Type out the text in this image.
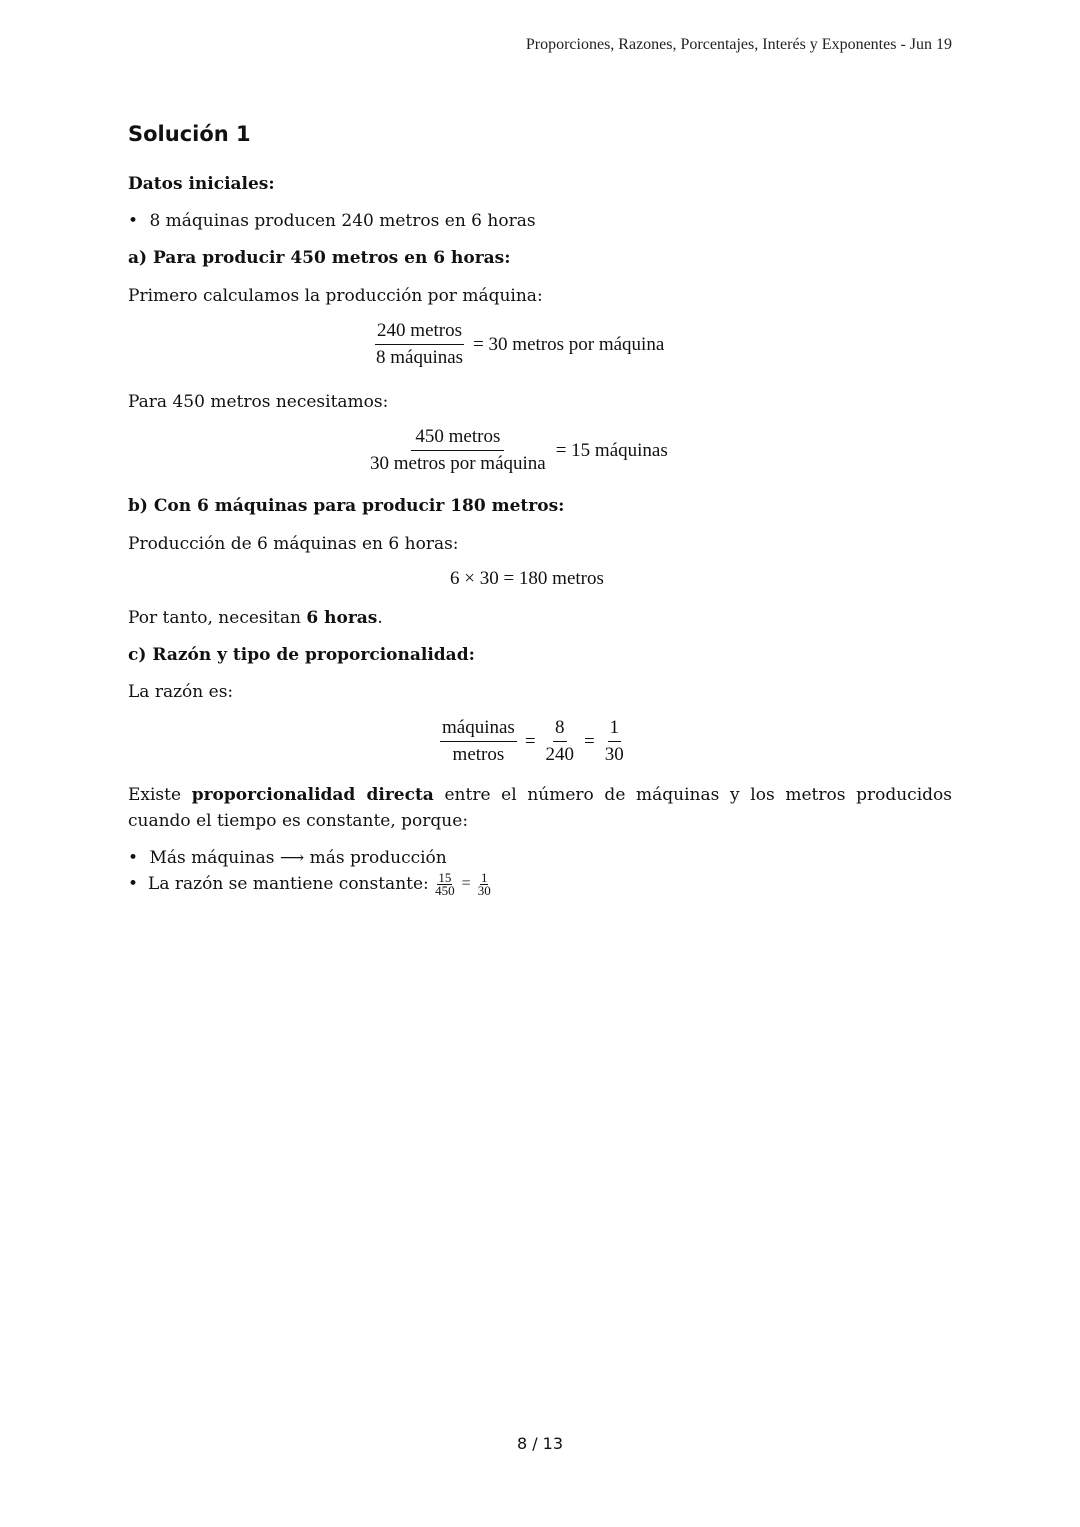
Proporciones, Razones, Porcentajes, Interés y Exponentes - Jun 19
Solución 1
Datos iniciales:
• 8 máquinas producen 240 metros en 6 horas
a) Para producir 450 metros en 6 horas:
Primero calculamos la producción por máquina:
$\frac{\text{240 metros}}{\text{8 máquinas}} = 30$ metros por máquina
Para 450 metros necesitamos:
$\frac{\text{450 metros}}{\text{30 metros por máquina}} = 15$ máquinas
b) Con 6 máquinas para producir 180 metros:
Producción de 6 máquinas en 6 horas:
6 × 30 = 180 metros
Por tanto, necesitan 6 horas.
c) Razón y tipo de proporcionalidad:
La razón es:
$\frac{\text{máquinas}}{\text{metros}} = \frac{8}{240} = \frac{1}{30}$
Existe proporcionalidad directa entre el número de máquinas y los metros producidos cuando el tiempo es constante, porque:
• Más máquinas ⟶ más producción
• La razón se mantiene constante: $\frac{15}{450} = \frac{1}{30}$
8 / 13
